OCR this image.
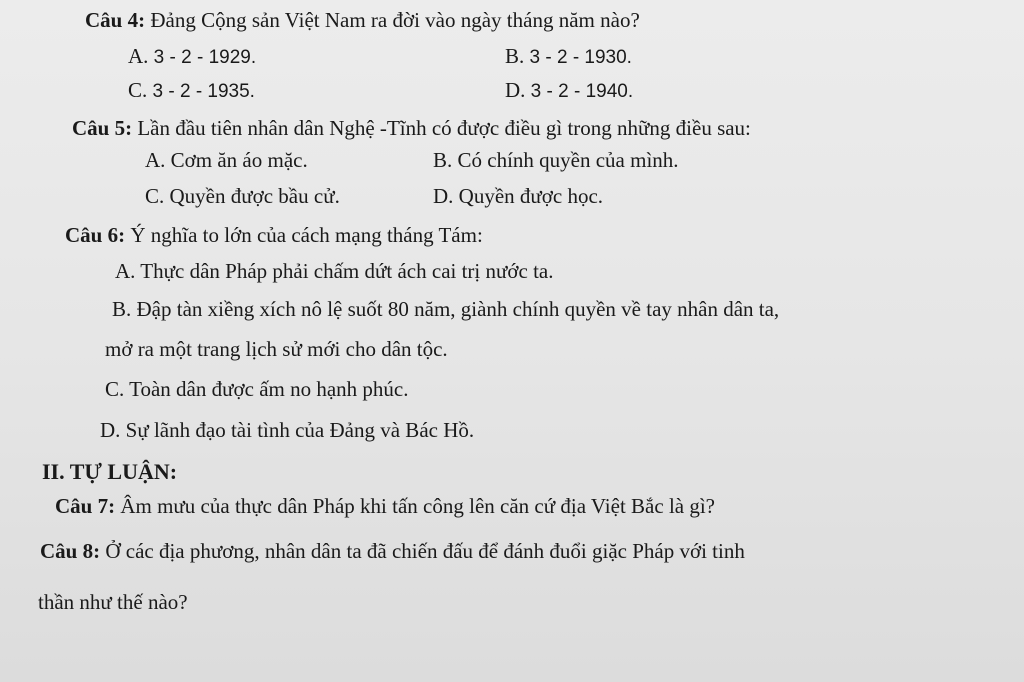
Câu 4: Đảng Cộng sản Việt Nam ra đời vào ngày tháng năm nào?
A. 3 - 2 - 1929.	B. 3 - 2 - 1930.
C. 3 - 2 - 1935.	D. 3 - 2 - 1940.
Câu 5: Lần đầu tiên nhân dân Nghệ -Tĩnh có được điều gì trong những điều sau:
A. Cơm ăn áo mặc.	B. Có chính quyền của mình.
C. Quyền được bầu cử.	D. Quyền được học.
Câu 6: Ý nghĩa to lớn của cách mạng tháng Tám:
A. Thực dân Pháp phải chấm dứt ách cai trị nước ta.
B. Đập tàn xiềng xích nô lệ suốt 80 năm, giành chính quyền về tay nhân dân ta,
mở ra một trang lịch sử mới cho dân tộc.
C. Toàn dân được ấm no hạnh phúc.
D. Sự lãnh đạo tài tình của Đảng và Bác Hồ.
II. TỰ LUẬN:
Câu 7: Âm mưu của thực dân Pháp khi tấn công lên căn cứ địa Việt Bắc là gì?
Câu 8: Ở các địa phương, nhân dân ta đã chiến đấu để đánh đuổi giặc Pháp với tinh
thần như thế nào?
